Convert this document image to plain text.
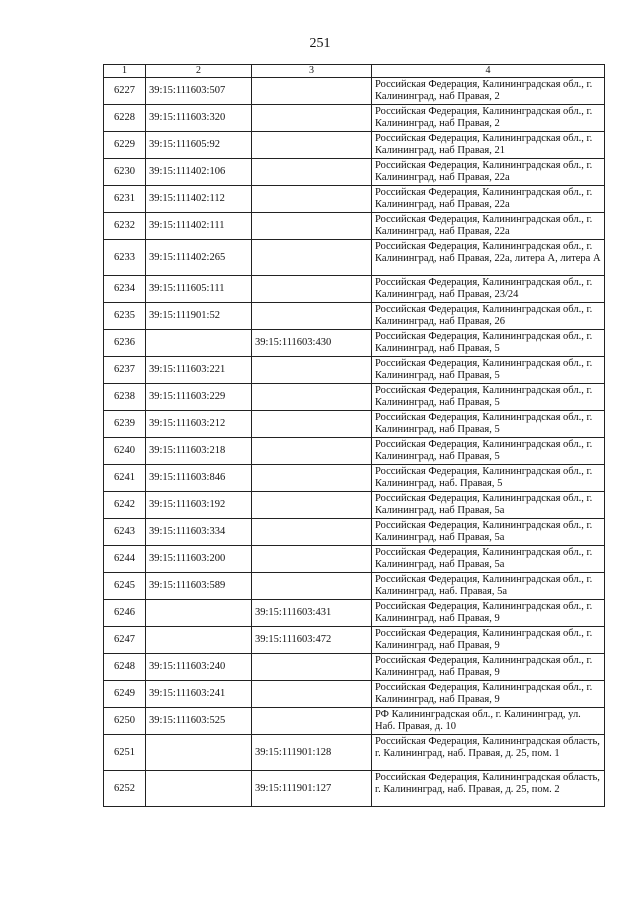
251
1	2	3	4
6227	39:15:111603:507		Российская Федерация, Калининградская обл., г. Калининград, наб Правая, 2
6228	39:15:111603:320		Российская Федерация, Калининградская обл., г. Калининград, наб Правая, 2
6229	39:15:111605:92		Российская Федерация, Калининградская обл., г. Калининград, наб Правая, 21
6230	39:15:111402:106		Российская Федерация, Калининградская обл., г. Калининград, наб Правая, 22а
6231	39:15:111402:112		Российская Федерация, Калининградская обл., г. Калининград, наб Правая, 22а
6232	39:15:111402:111		Российская Федерация, Калининградская обл., г. Калининград, наб Правая, 22а
6233	39:15:111402:265		Российская Федерация, Калининградская обл., г. Калининград, наб Правая, 22а, литера А, литера А
6234	39:15:111605:111		Российская Федерация, Калининградская обл., г. Калининград, наб Правая, 23/24
6235	39:15:111901:52		Российская Федерация, Калининградская обл., г. Калининград, наб Правая, 26
6236		39:15:111603:430	Российская Федерация, Калининградская обл., г. Калининград, наб Правая, 5
6237	39:15:111603:221		Российская Федерация, Калининградская обл., г. Калининград, наб Правая, 5
6238	39:15:111603:229		Российская Федерация, Калининградская обл., г. Калининград, наб Правая, 5
6239	39:15:111603:212		Российская Федерация, Калининградская обл., г. Калининград, наб Правая, 5
6240	39:15:111603:218		Российская Федерация, Калининградская обл., г. Калининград, наб Правая, 5
6241	39:15:111603:846		Российская Федерация, Калининградская обл., г. Калининград, наб. Правая, 5
6242	39:15:111603:192		Российская Федерация, Калининградская обл., г. Калининград, наб Правая, 5а
6243	39:15:111603:334		Российская Федерация, Калининградская обл., г. Калининград, наб Правая, 5а
6244	39:15:111603:200		Российская Федерация, Калининградская обл., г. Калининград, наб Правая, 5а
6245	39:15:111603:589		Российская Федерация, Калининградская обл., г. Калининград, наб. Правая, 5а
6246		39:15:111603:431	Российская Федерация, Калининградская обл., г. Калининград, наб Правая, 9
6247		39:15:111603:472	Российская Федерация, Калининградская обл., г. Калининград, наб Правая, 9
6248	39:15:111603:240		Российская Федерация, Калининградская обл., г. Калининград, наб Правая, 9
6249	39:15:111603:241		Российская Федерация, Калининградская обл., г. Калининград, наб Правая, 9
6250	39:15:111603:525		РФ Калининградская обл., г. Калининград, ул. Наб. Правая, д. 10
6251		39:15:111901:128	Российская Федерация, Калининградская область, г. Калининград, наб. Правая, д. 25, пом. 1
6252		39:15:111901:127	Российская Федерация, Калининградская область, г. Калининград, наб. Правая, д. 25, пом. 2
